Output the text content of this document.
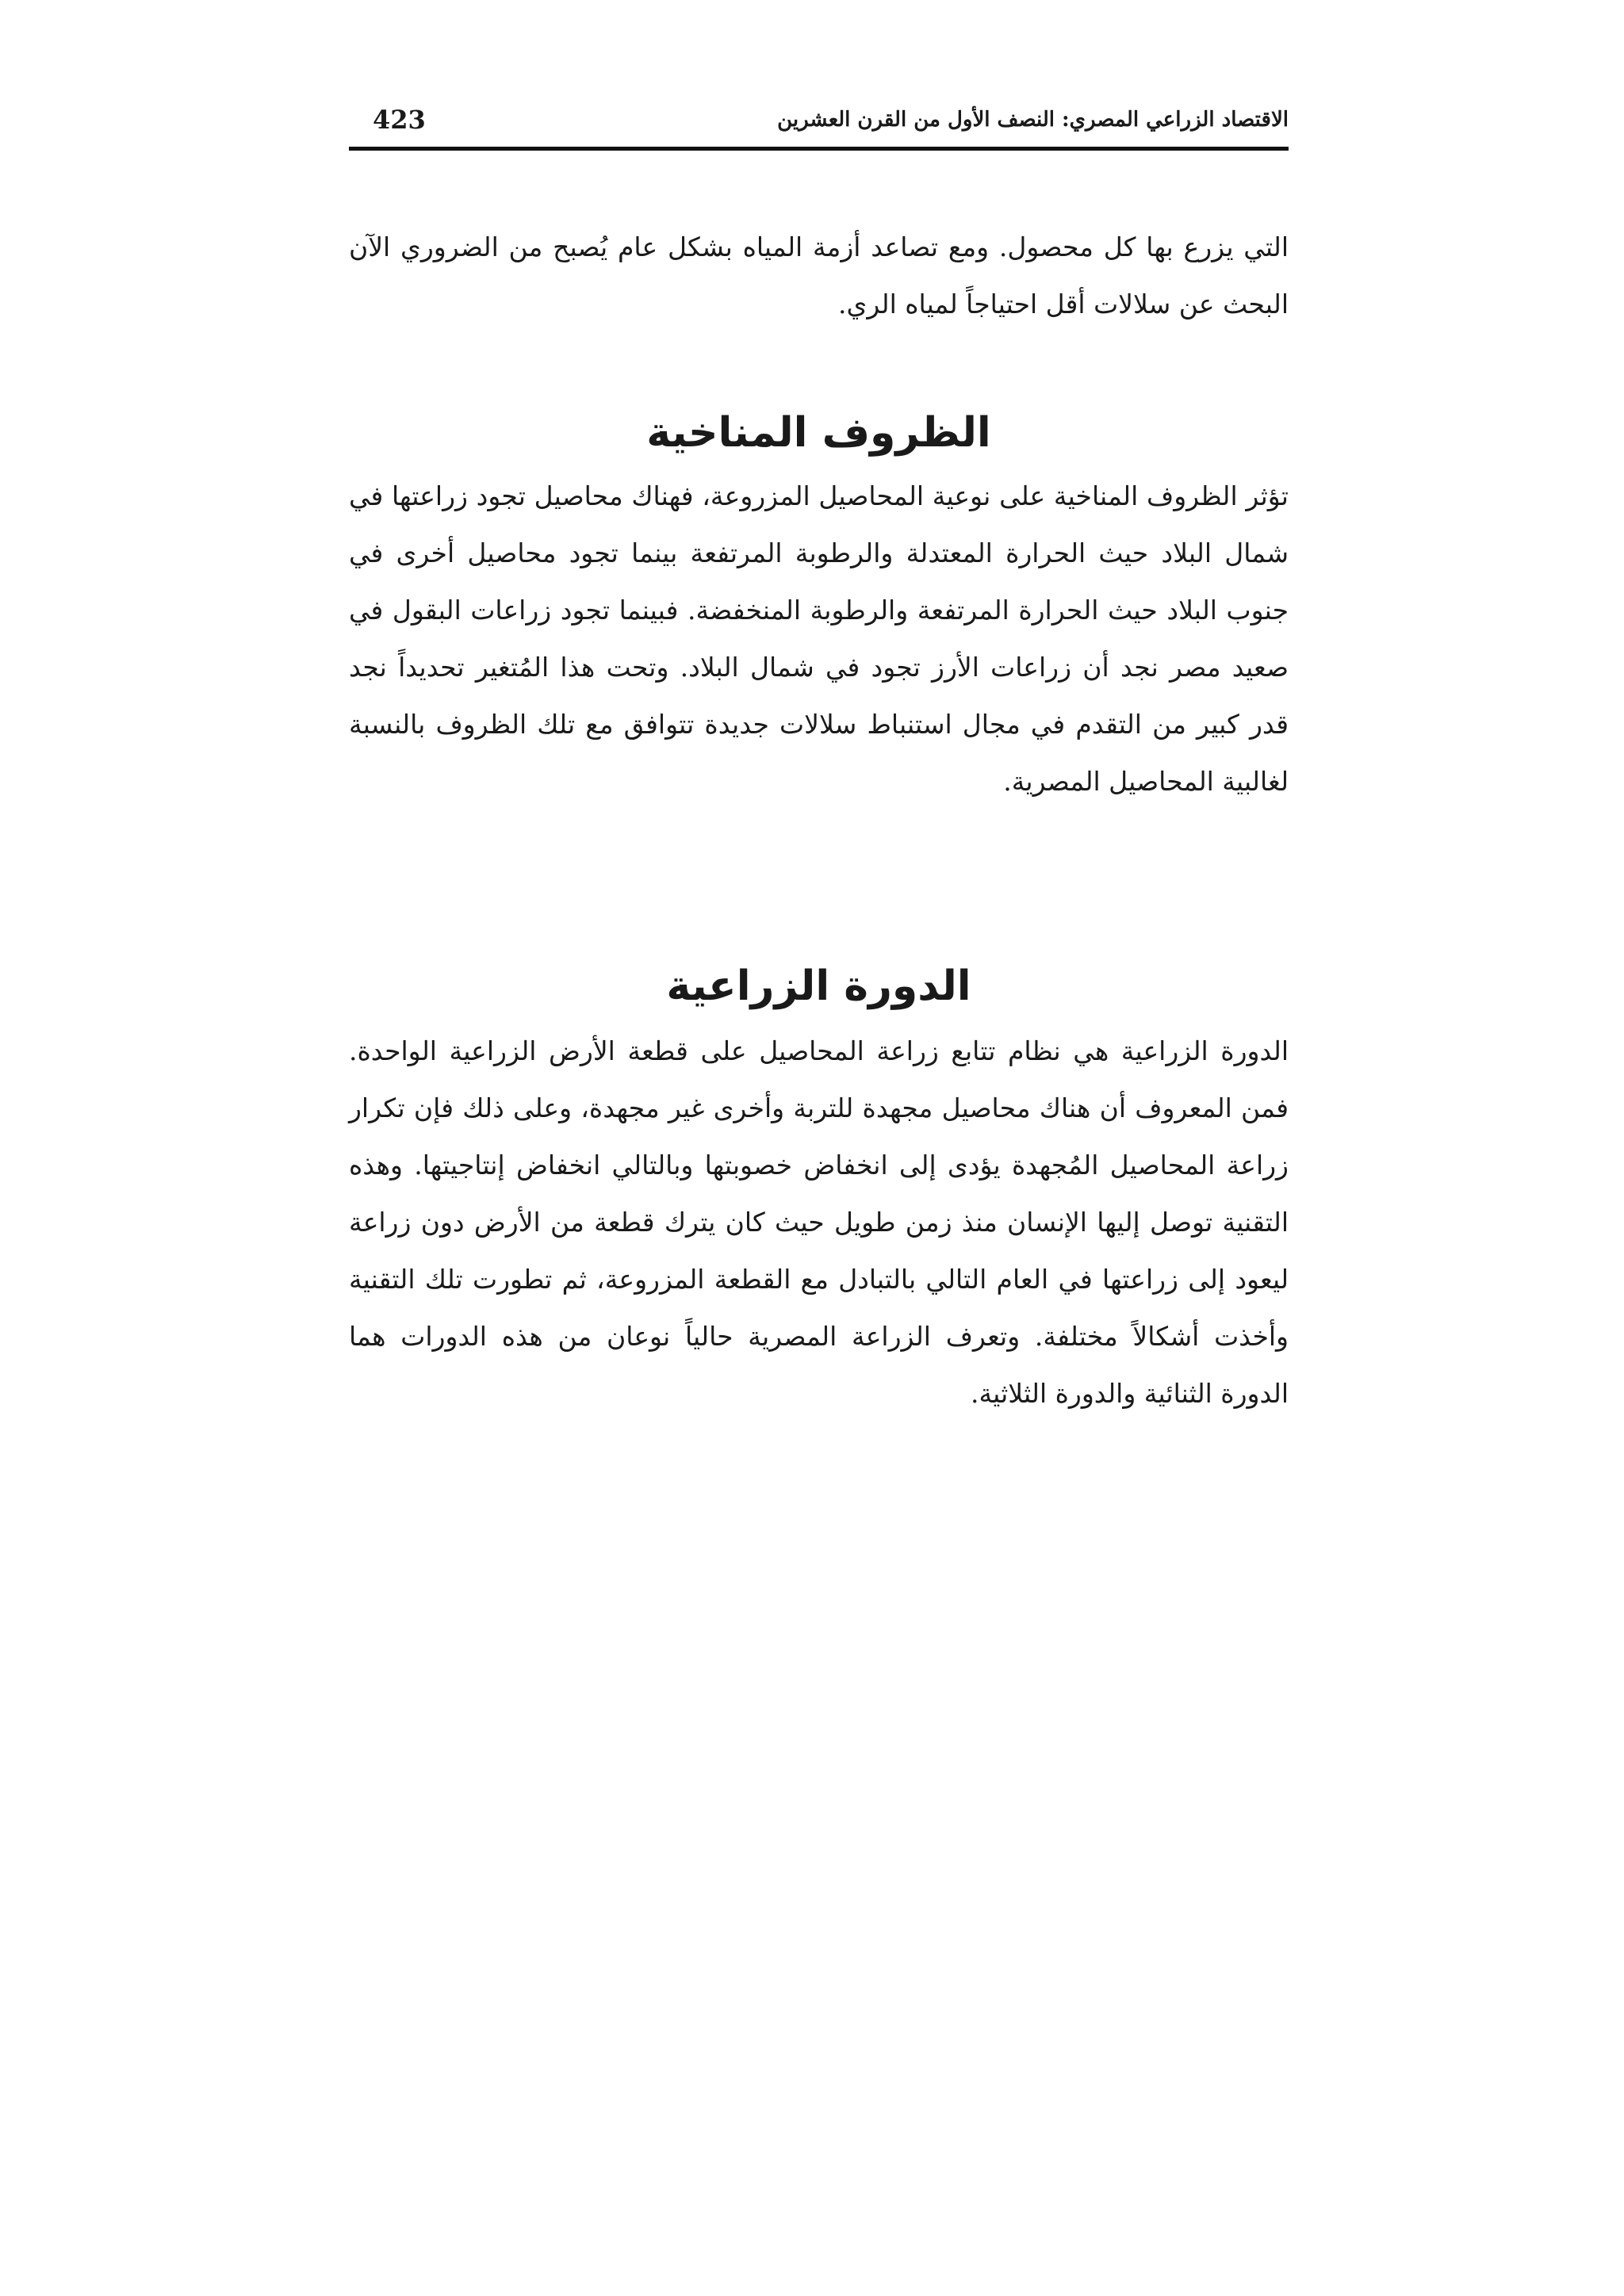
الاقتصاد الزراعي المصري: النصف الأول من القرن العشرين
423

التي يزرع بها كل محصول. ومع تصاعد أزمة المياه بشكل عام يُصبح من الضروري الآن البحث عن سلالات أقل احتياجاً لمياه الري.

الظروف المناخية

تؤثر الظروف المناخية على نوعية المحاصيل المزروعة، فهناك محاصيل تجود زراعتها في شمال البلاد حيث الحرارة المعتدلة والرطوبة المرتفعة بينما تجود محاصيل أخرى في جنوب البلاد حيث الحرارة المرتفعة والرطوبة المنخفضة. فبينما تجود زراعات البقول في صعيد مصر نجد أن زراعات الأرز تجود في شمال البلاد. وتحت هذا المُتغير تحديداً نجد قدر كبير من التقدم في مجال استنباط سلالات جديدة تتوافق مع تلك الظروف بالنسبة لغالبية المحاصيل المصرية.

الدورة الزراعية

الدورة الزراعية هي نظام تتابع زراعة المحاصيل على قطعة الأرض الزراعية الواحدة. فمن المعروف أن هناك محاصيل مجهدة للتربة وأخرى غير مجهدة، وعلى ذلك فإن تكرار زراعة المحاصيل المُجهدة يؤدى إلى انخفاض خصوبتها وبالتالي انخفاض إنتاجيتها. وهذه التقنية توصل إليها الإنسان منذ زمن طويل حيث كان يترك قطعة من الأرض دون زراعة ليعود إلى زراعتها في العام التالي بالتبادل مع القطعة المزروعة، ثم تطورت تلك التقنية وأخذت أشكالاً مختلفة. وتعرف الزراعة المصرية حالياً نوعان من هذه الدورات هما الدورة الثنائية والدورة الثلاثية.
